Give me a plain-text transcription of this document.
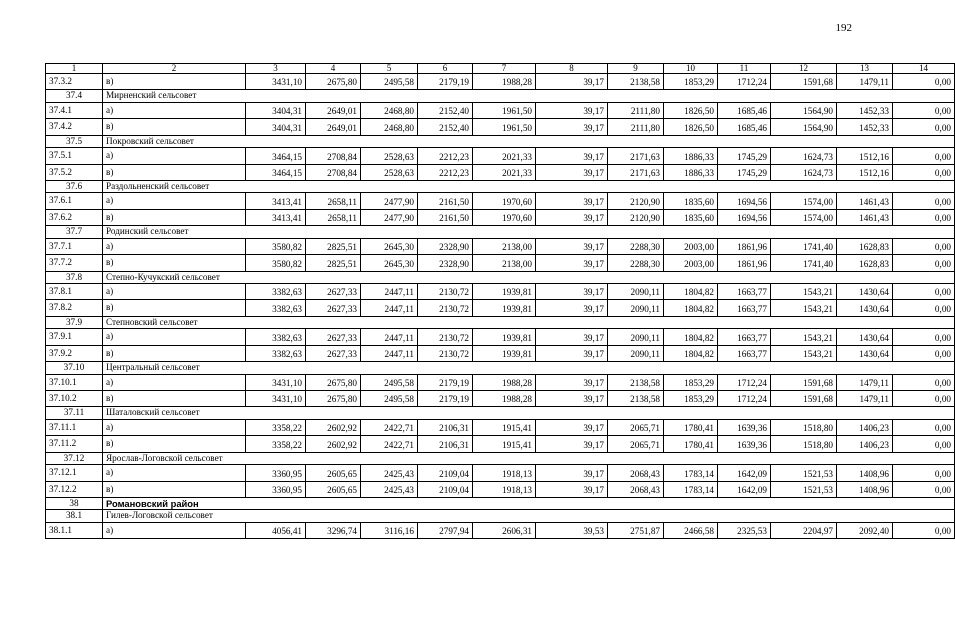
192
1	2	3	4	5	6	7	8	9	10	11	12	13	14
37.3.2	в)	3431,10	2675,80	2495,58	2179,19	1988,28	39,17	2138,58	1853,29	1712,24	1591,68	1479,11	0,00
37.4	Мирненский сельсовет												
37.4.1	а)	3404,31	2649,01	2468,80	2152,40	1961,50	39,17	2111,80	1826,50	1685,46	1564,90	1452,33	0,00
37.4.2	в)	3404,31	2649,01	2468,80	2152,40	1961,50	39,17	2111,80	1826,50	1685,46	1564,90	1452,33	0,00
37.5	Покровский сельсовет												
37.5.1	а)	3464,15	2708,84	2528,63	2212,23	2021,33	39,17	2171,63	1886,33	1745,29	1624,73	1512,16	0,00
37.5.2	в)	3464,15	2708,84	2528,63	2212,23	2021,33	39,17	2171,63	1886,33	1745,29	1624,73	1512,16	0,00
37.6	Раздольненский сельсовет												
37.6.1	а)	3413,41	2658,11	2477,90	2161,50	1970,60	39,17	2120,90	1835,60	1694,56	1574,00	1461,43	0,00
37.6.2	в)	3413,41	2658,11	2477,90	2161,50	1970,60	39,17	2120,90	1835,60	1694,56	1574,00	1461,43	0,00
37.7	Родинский сельсовет												
37.7.1	а)	3580,82	2825,51	2645,30	2328,90	2138,00	39,17	2288,30	2003,00	1861,96	1741,40	1628,83	0,00
37.7.2	в)	3580,82	2825,51	2645,30	2328,90	2138,00	39,17	2288,30	2003,00	1861,96	1741,40	1628,83	0,00
37.8	Степно-Кучукский сельсовет												
37.8.1	а)	3382,63	2627,33	2447,11	2130,72	1939,81	39,17	2090,11	1804,82	1663,77	1543,21	1430,64	0,00
37.8.2	в)	3382,63	2627,33	2447,11	2130,72	1939,81	39,17	2090,11	1804,82	1663,77	1543,21	1430,64	0,00
37.9	Степновский сельсовет												
37.9.1	а)	3382,63	2627,33	2447,11	2130,72	1939,81	39,17	2090,11	1804,82	1663,77	1543,21	1430,64	0,00
37.9.2	в)	3382,63	2627,33	2447,11	2130,72	1939,81	39,17	2090,11	1804,82	1663,77	1543,21	1430,64	0,00
37.10	Центральный сельсовет												
37.10.1	а)	3431,10	2675,80	2495,58	2179,19	1988,28	39,17	2138,58	1853,29	1712,24	1591,68	1479,11	0,00
37.10.2	в)	3431,10	2675,80	2495,58	2179,19	1988,28	39,17	2138,58	1853,29	1712,24	1591,68	1479,11	0,00
37.11	Шаталовский сельсовет												
37.11.1	а)	3358,22	2602,92	2422,71	2106,31	1915,41	39,17	2065,71	1780,41	1639,36	1518,80	1406,23	0,00
37.11.2	в)	3358,22	2602,92	2422,71	2106,31	1915,41	39,17	2065,71	1780,41	1639,36	1518,80	1406,23	0,00
37.12	Ярослав-Логовской сельсовет												
37.12.1	а)	3360,95	2605,65	2425,43	2109,04	1918,13	39,17	2068,43	1783,14	1642,09	1521,53	1408,96	0,00
37.12.2	в)	3360,95	2605,65	2425,43	2109,04	1918,13	39,17	2068,43	1783,14	1642,09	1521,53	1408,96	0,00
38	Романовский район												
38.1	Гилев-Логовской сельсовет												
38.1.1	а)	4056,41	3296,74	3116,16	2797,94	2606,31	39,53	2751,87	2466,58	2325,53	2204,97	2092,40	0,00
